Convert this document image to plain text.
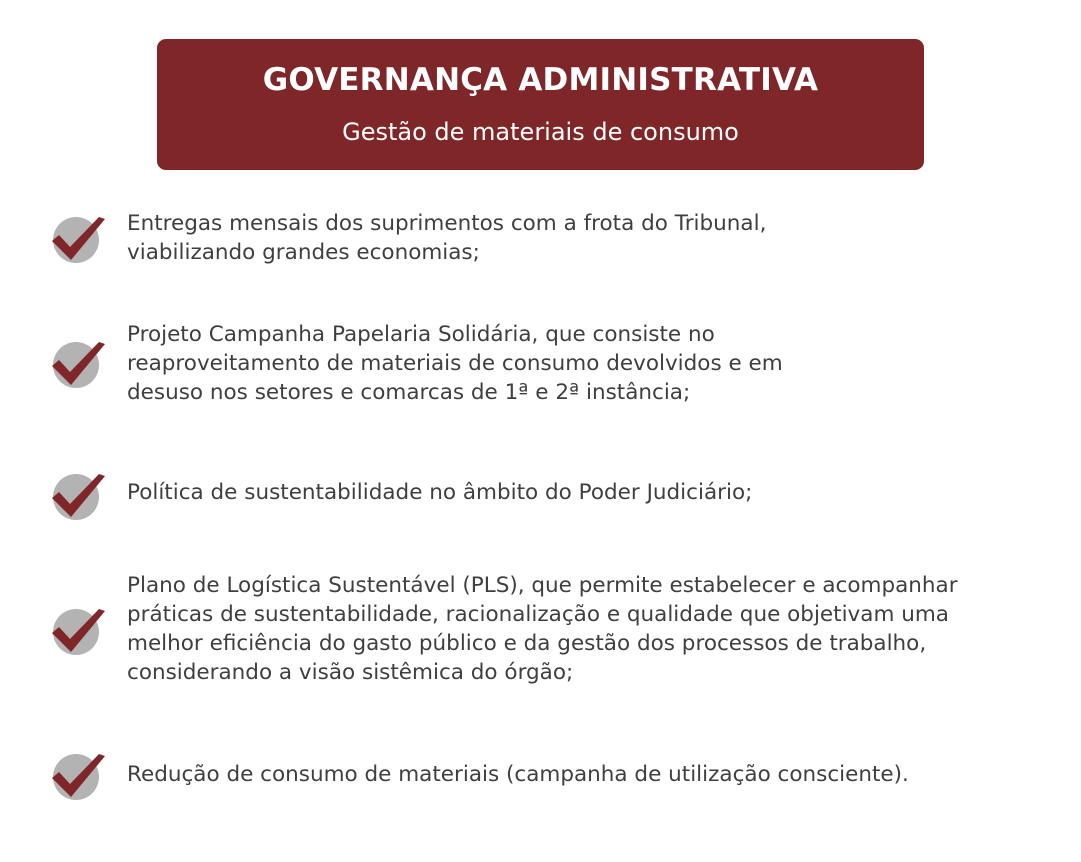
GOVERNANÇA ADMINISTRATIVA
Gestão de materiais de consumo
Entregas mensais dos suprimentos com a frota do Tribunal,
viabilizando grandes economias;
Projeto Campanha Papelaria Solidária, que consiste no
reaproveitamento de materiais de consumo devolvidos e em
desuso nos setores e comarcas de 1ª e 2ª instância;
Política de sustentabilidade no âmbito do Poder Judiciário;
Plano de Logística Sustentável (PLS), que permite estabelecer e acompanhar
práticas de sustentabilidade, racionalização e qualidade que objetivam uma
melhor eficiência do gasto público e da gestão dos processos de trabalho,
considerando a visão sistêmica do órgão;
Redução de consumo de materiais (campanha de utilização consciente).
